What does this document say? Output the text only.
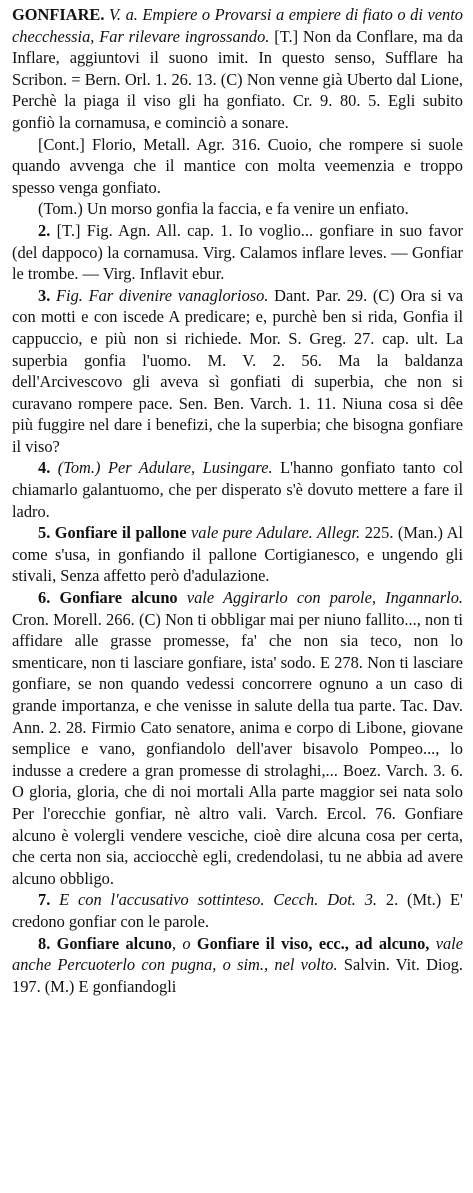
GONFIARE. V. a. Empiere o Provarsi a empiere di fiato o di vento checchessia, Far rilevare ingrossando. [T.] Non da Conflare, ma da Inflare, aggiuntovi il suono imit. In questo senso, Sufflare ha Scribon. = Bern. Orl. 1. 26. 13. (C) Non venne già Uberto dal Lione, Perchè la piaga il viso gli ha gonfiato. Cr. 9. 80. 5. Egli subito gonfiò la cornamusa, e cominciò a sonare.

[Cont.] Florio, Metall. Agr. 316. Cuoio, che rompere si suole quando avvenga che il mantice con molta veemenzia e troppo spesso venga gonfiato.

(Tom.) Un morso gonfia la faccia, e fa venire un enfiato.

2. [T.] Fig. Agn. All. cap. 1. Io voglio... gonfiare in suo favor (del dappoco) la cornamusa. Virg. Calamos inflare leves. — Gonfiar le trombe. — Virg. Inflavit ebur.

3. Fig. Far divenire vanaglorioso. Dant. Par. 29. (C) Ora si va con motti e con iscede A predicare; e, purchè ben si rida, Gonfia il cappuccio, e più non si richiede. Mor. S. Greg. 27. cap. ult. La superbia gonfia l'uomo. M. V. 2. 56. Ma la baldanza dell'Arcivescovo gli aveva sì gonfiati di superbia, che non si curavano rompere pace. Sen. Ben. Varch. 1. 11. Niuna cosa si dêe più fuggire nel dare i benefizi, che la superbia; che bisogna gonfiare il viso?

4. (Tom.) Per Adulare, Lusingare. L'hanno gonfiato tanto col chiamarlo galantuomo, che per disperato s'è dovuto mettere a fare il ladro.

5. Gonfiare il pallone vale pure Adulare. Allegr. 225. (Man.) Al come s'usa, in gonfiando il pallone Cortigianesco, e ungendo gli stivali, Senza affetto però d'adulazione.

6. Gonfiare alcuno vale Aggirarlo con parole, Ingannarlo. Cron. Morell. 266. (C) Non ti obbligar mai per niuno fallito..., non ti affidare alle grasse promesse, fa' che non sia teco, non lo smenticare, non ti lasciare gonfiare, ista' sodo. E 278. Non ti lasciare gonfiare, se non quando vedessi concorrere ognuno a un caso di grande importanza, e che venisse in salute della tua parte. Tac. Dav. Ann. 2. 28. Firmio Cato senatore, anima e corpo di Libone, giovane semplice e vano, gonfiandolo dell'aver bisavolo Pompeo..., lo indusse a credere a gran promesse di strolaghi,... Boez. Varch. 3. 6. O gloria, gloria, che di noi mortali Alla parte maggior sei nata solo Per l'orecchie gonfiar, nè altro vali. Varch. Ercol. 76. Gonfiare alcuno è volergli vendere vesciche, cioè dire alcuna cosa per certa, che certa non sia, acciocchè egli, credendolasi, tu ne abbia ad avere alcuno obbligo.

7. E con l'accusativo sottinteso. Cecch. Dot. 3. 2. (Mt.) E' credono gonfiar con le parole.

8. Gonfiare alcuno, o Gonfiare il viso, ecc., ad alcuno, vale anche Percuoterlo con pugna, o sim., nel volto. Salvin. Vit. Diog. 197. (M.) E gonfiandogli
